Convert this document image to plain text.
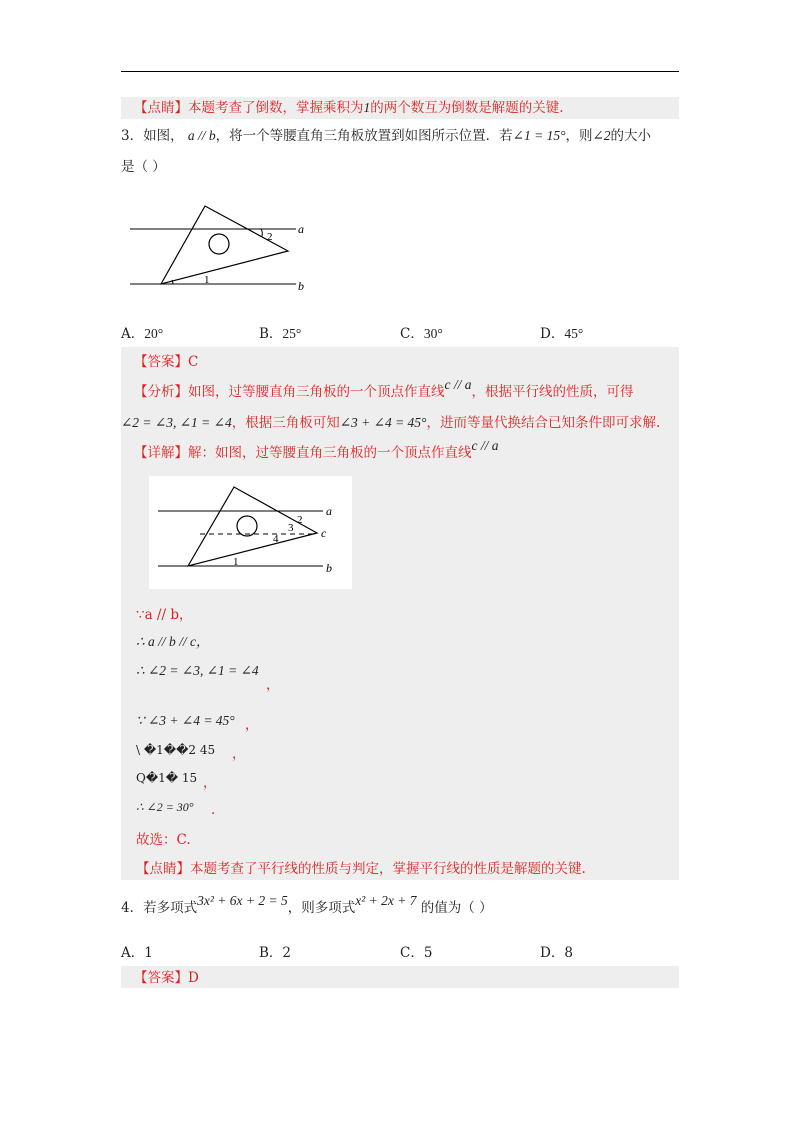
【点睛】本题考查了倒数，掌握乘积为1的两个数互为倒数是解题的关键.
3．如图， a // b，将一个等腰直角三角板放置到如图所示位置．若∠1 = 15°，则∠2的大小
是（ ）
a
b
1
2
A．20°	B．25°	C．30°	D．45°
【答案】C
【分析】如图，过等腰直角三角板的一个顶点作直线c // a，根据平行线的性质，可得
∠2 = ∠3, ∠1 = ∠4，根据三角板可知∠3 + ∠4 = 45°，进而等量代换结合已知条件即可求解.
【详解】解：如图，过等腰直角三角板的一个顶点作直线c // a
a
b
c
1
2
3
4
∵a // b，
∴ a // b // c，
∴ ∠2 = ∠3, ∠1 = ∠4
，
∵ ∠3 + ∠4 = 45° ，
\ �1��2 45 ，
Q�1� 15 ，
∴ ∠2 = 30° .
故选：C.
【点睛】本题考查了平行线的性质与判定，掌握平行线的性质是解题的关键.
4．若多项式3x² + 6x + 2 = 5，则多项式x² + 2x + 7 的值为（ ）
A．1	B．2	C．5	D．8
【答案】D
